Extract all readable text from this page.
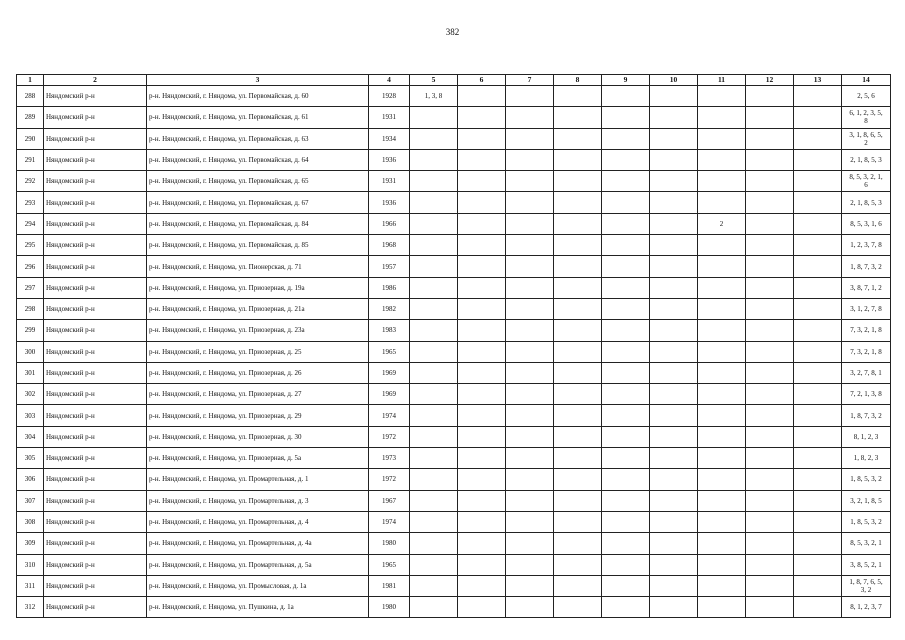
382
1	2	3	4	5	6	7	8	9	10	11	12	13	14
288	Няндомский р-н	р-н. Няндомский, г. Няндома, ул. Первомайская, д. 60	1928	1, 3, 8									2, 5, 6
289	Няндомский р-н	р-н. Няндомский, г. Няндома, ул. Первомайская, д. 61	1931										6, 1, 2, 3, 5,
8
290	Няндомский р-н	р-н. Няндомский, г. Няндома, ул. Первомайская, д. 63	1934										3, 1, 8, 6, 5,
2
291	Няндомский р-н	р-н. Няндомский, г. Няндома, ул. Первомайская, д. 64	1936										2, 1, 8, 5, 3
292	Няндомский р-н	р-н. Няндомский, г. Няндома, ул. Первомайская, д. 65	1931										8, 5, 3, 2, 1,
6
293	Няндомский р-н	р-н. Няндомский, г. Няндома, ул. Первомайская, д. 67	1936										2, 1, 8, 5, 3
294	Няндомский р-н	р-н. Няндомский, г. Няндома, ул. Первомайская, д. 84	1966							2			8, 5, 3, 1, 6
295	Няндомский р-н	р-н. Няндомский, г. Няндома, ул. Первомайская, д. 85	1968										1, 2, 3, 7, 8
296	Няндомский р-н	р-н. Няндомский, г. Няндома, ул. Пионерская, д. 71	1957										1, 8, 7, 3, 2
297	Няндомский р-н	р-н. Няндомский, г. Няндома, ул. Приозерная, д. 19а	1986										3, 8, 7, 1, 2
298	Няндомский р-н	р-н. Няндомский, г. Няндома, ул. Приозерная, д. 21а	1982										3, 1, 2, 7, 8
299	Няндомский р-н	р-н. Няндомский, г. Няндома, ул. Приозерная, д. 23а	1983										7, 3, 2, 1, 8
300	Няндомский р-н	р-н. Няндомский, г. Няндома, ул. Приозерная, д. 25	1965										7, 3, 2, 1, 8
301	Няндомский р-н	р-н. Няндомский, г. Няндома, ул. Приозерная, д. 26	1969										3, 2, 7, 8, 1
302	Няндомский р-н	р-н. Няндомский, г. Няндома, ул. Приозерная, д. 27	1969										7, 2, 1, 3, 8
303	Няндомский р-н	р-н. Няндомский, г. Няндома, ул. Приозерная, д. 29	1974										1, 8, 7, 3, 2
304	Няндомский р-н	р-н. Няндомский, г. Няндома, ул. Приозерная, д. 30	1972										8, 1, 2, 3
305	Няндомский р-н	р-н. Няндомский, г. Няндома, ул. Приозерная, д. 5а	1973										1, 8, 2, 3
306	Няндомский р-н	р-н. Няндомский, г. Няндома, ул. Промартельная, д. 1	1972										1, 8, 5, 3, 2
307	Няндомский р-н	р-н. Няндомский, г. Няндома, ул. Промартельная, д. 3	1967										3, 2, 1, 8, 5
308	Няндомский р-н	р-н. Няндомский, г. Няндома, ул. Промартельная, д. 4	1974										1, 8, 5, 3, 2
309	Няндомский р-н	р-н. Няндомский, г. Няндома, ул. Промартельная, д. 4а	1980										8, 5, 3, 2, 1
310	Няндомский р-н	р-н. Няндомский, г. Няндома, ул. Промартельная, д. 5а	1965										3, 8, 5, 2, 1
311	Няндомский р-н	р-н. Няндомский, г. Няндома, ул. Промысловая, д. 1а	1981										1, 8, 7, 6, 5,
3, 2
312	Няндомский р-н	р-н. Няндомский, г. Няндома, ул. Пушкина, д. 1а	1980										8, 1, 2, 3, 7
